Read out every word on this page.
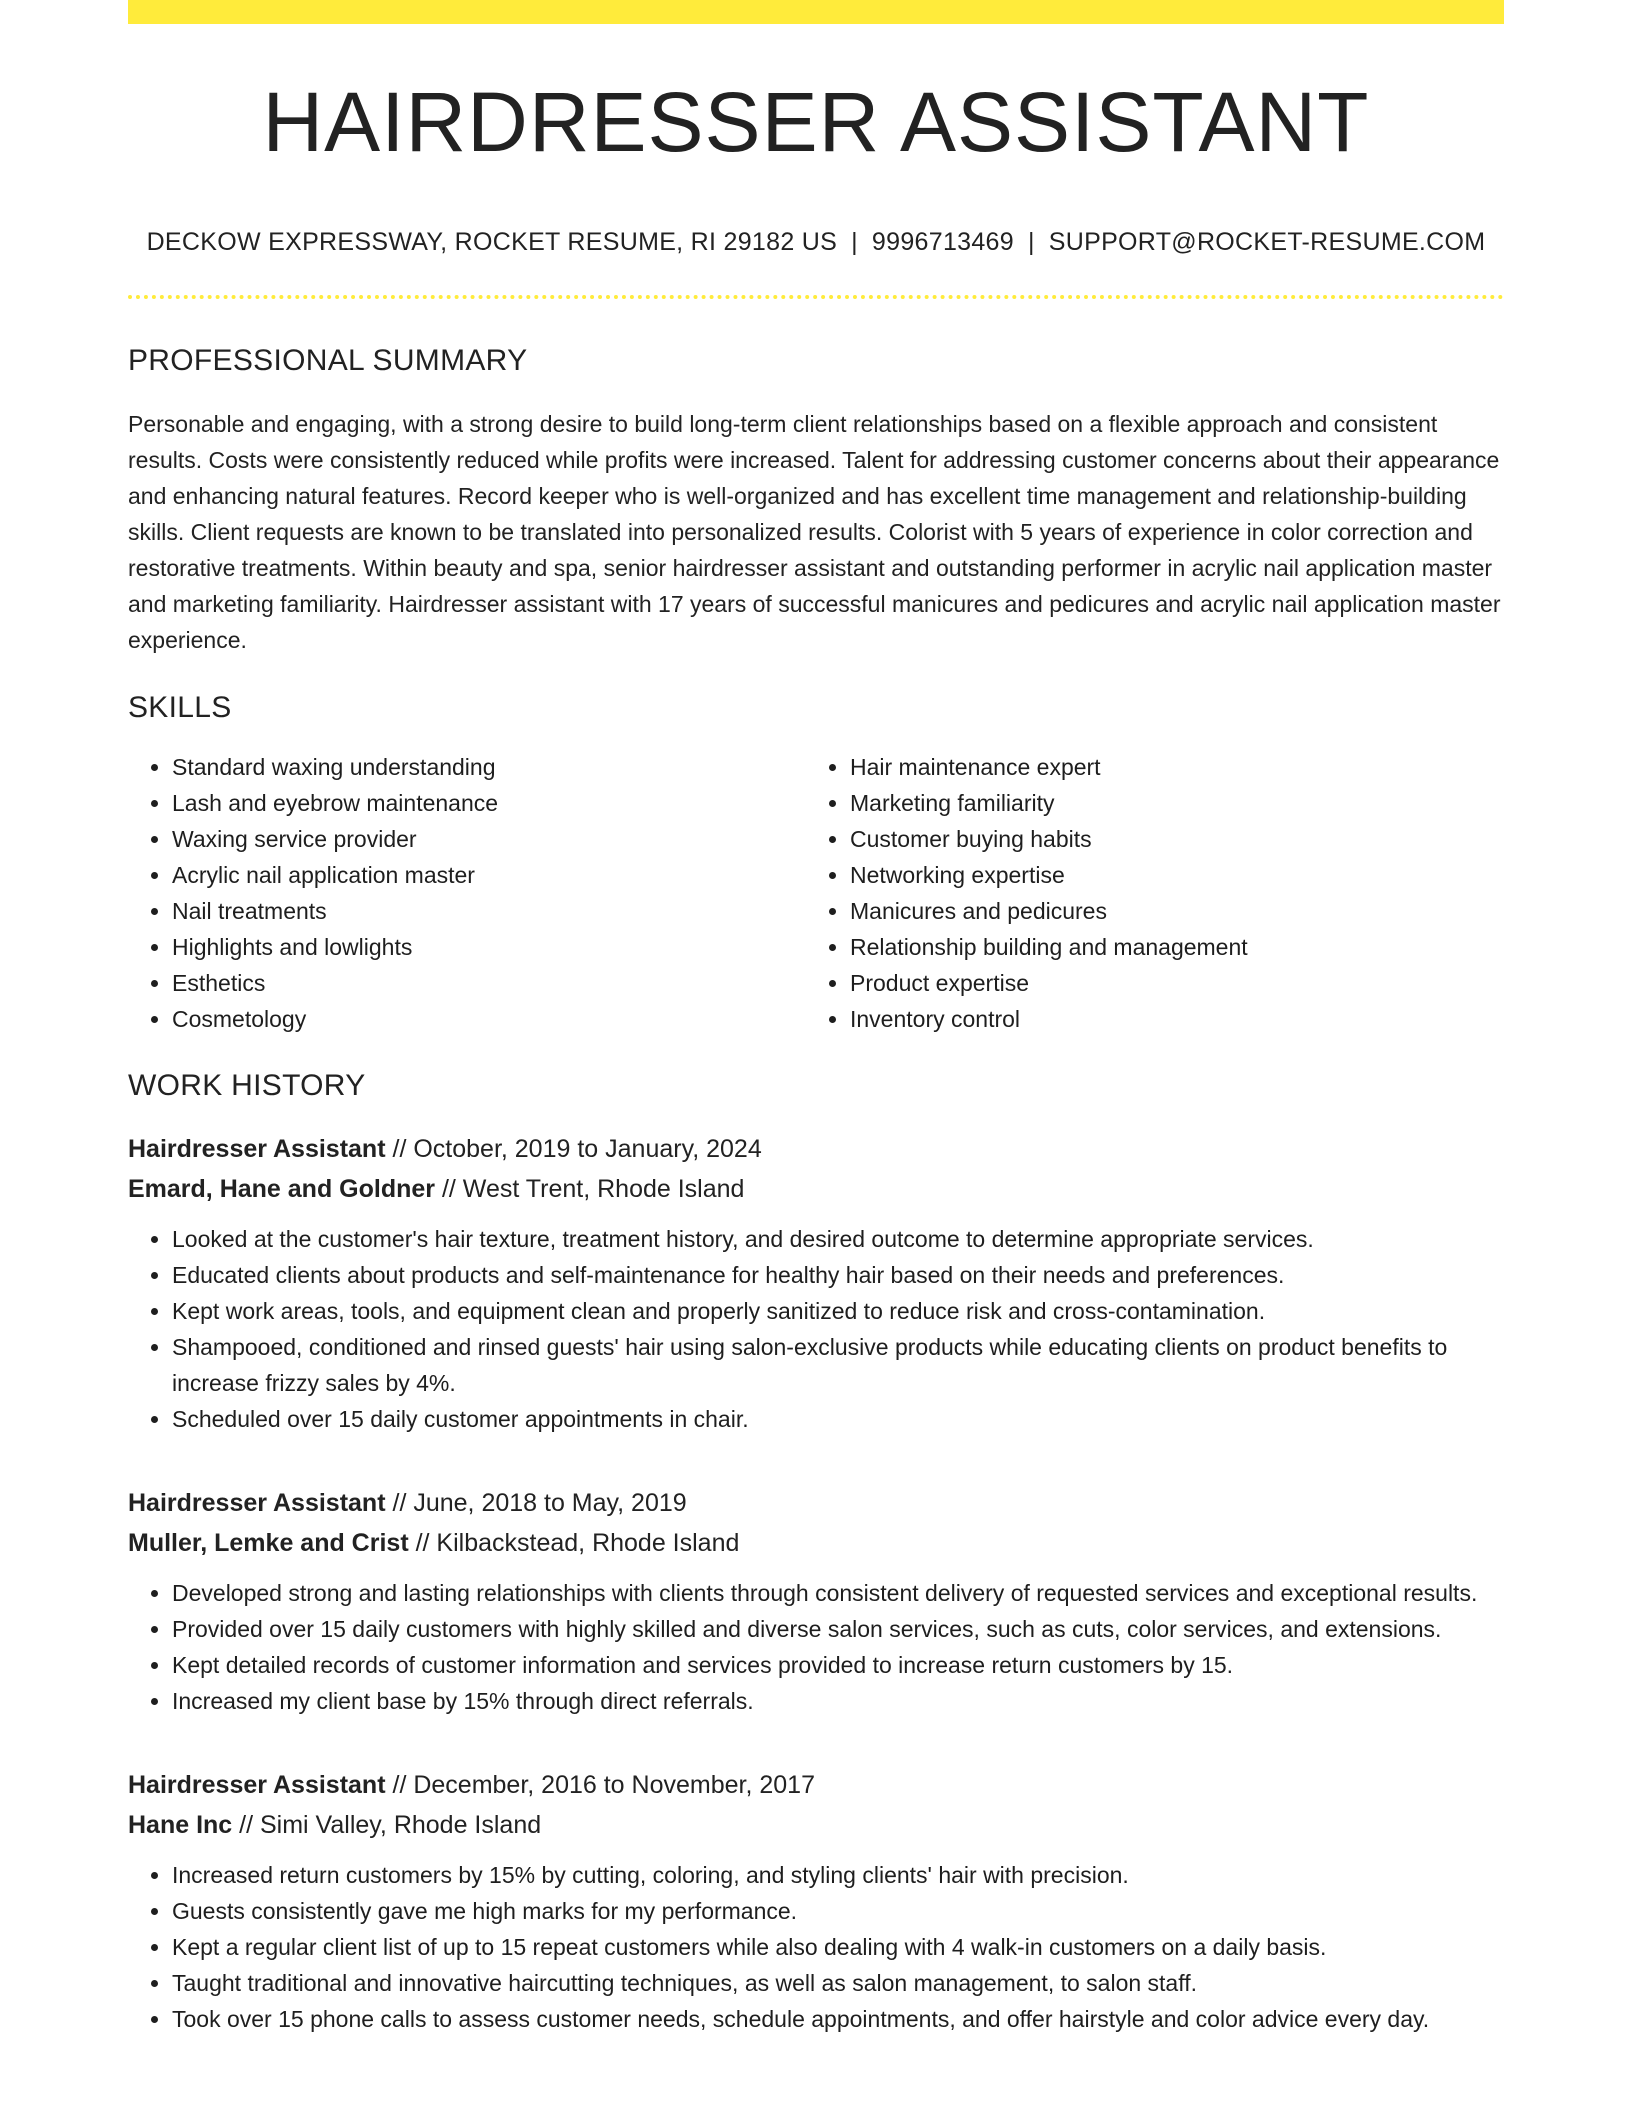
HAIRDRESSER ASSISTANT
DECKOW EXPRESSWAY, ROCKET RESUME, RI 29182 US | 9996713469 | SUPPORT@ROCKET-RESUME.COM
PROFESSIONAL SUMMARY

Personable and engaging, with a strong desire to build long-term client relationships based on a flexible approach and consistent results. Costs were consistently reduced while profits were increased. Talent for addressing customer concerns about their appearance and enhancing natural features. Record keeper who is well-organized and has excellent time management and relationship-building skills. Client requests are known to be translated into personalized results. Colorist with 5 years of experience in color correction and restorative treatments. Within beauty and spa, senior hairdresser assistant and outstanding performer in acrylic nail application master and marketing familiarity. Hairdresser assistant with 17 years of successful manicures and pedicures and acrylic nail application master experience.

SKILLS
• Standard waxing understanding
• Lash and eyebrow maintenance
• Waxing service provider
• Acrylic nail application master
• Nail treatments
• Highlights and lowlights
• Esthetics
• Cosmetology
• Hair maintenance expert
• Marketing familiarity
• Customer buying habits
• Networking expertise
• Manicures and pedicures
• Relationship building and management
• Product expertise
• Inventory control
WORK HISTORY
Hairdresser Assistant // October, 2019 to January, 2024
Emard, Hane and Goldner // West Trent, Rhode Island
• Looked at the customer's hair texture, treatment history, and desired outcome to determine appropriate services.
• Educated clients about products and self-maintenance for healthy hair based on their needs and preferences.
• Kept work areas, tools, and equipment clean and properly sanitized to reduce risk and cross-contamination.
• Shampooed, conditioned and rinsed guests' hair using salon-exclusive products while educating clients on product benefits to increase frizzy sales by 4%.
• Scheduled over 15 daily customer appointments in chair.
Hairdresser Assistant // June, 2018 to May, 2019
Muller, Lemke and Crist // Kilbackstead, Rhode Island
• Developed strong and lasting relationships with clients through consistent delivery of requested services and exceptional results.
• Provided over 15 daily customers with highly skilled and diverse salon services, such as cuts, color services, and extensions.
• Kept detailed records of customer information and services provided to increase return customers by 15.
• Increased my client base by 15% through direct referrals.
Hairdresser Assistant // December, 2016 to November, 2017
Hane Inc // Simi Valley, Rhode Island
• Increased return customers by 15% by cutting, coloring, and styling clients' hair with precision.
• Guests consistently gave me high marks for my performance.
• Kept a regular client list of up to 15 repeat customers while also dealing with 4 walk-in customers on a daily basis.
• Taught traditional and innovative haircutting techniques, as well as salon management, to salon staff.
• Took over 15 phone calls to assess customer needs, schedule appointments, and offer hairstyle and color advice every day.
